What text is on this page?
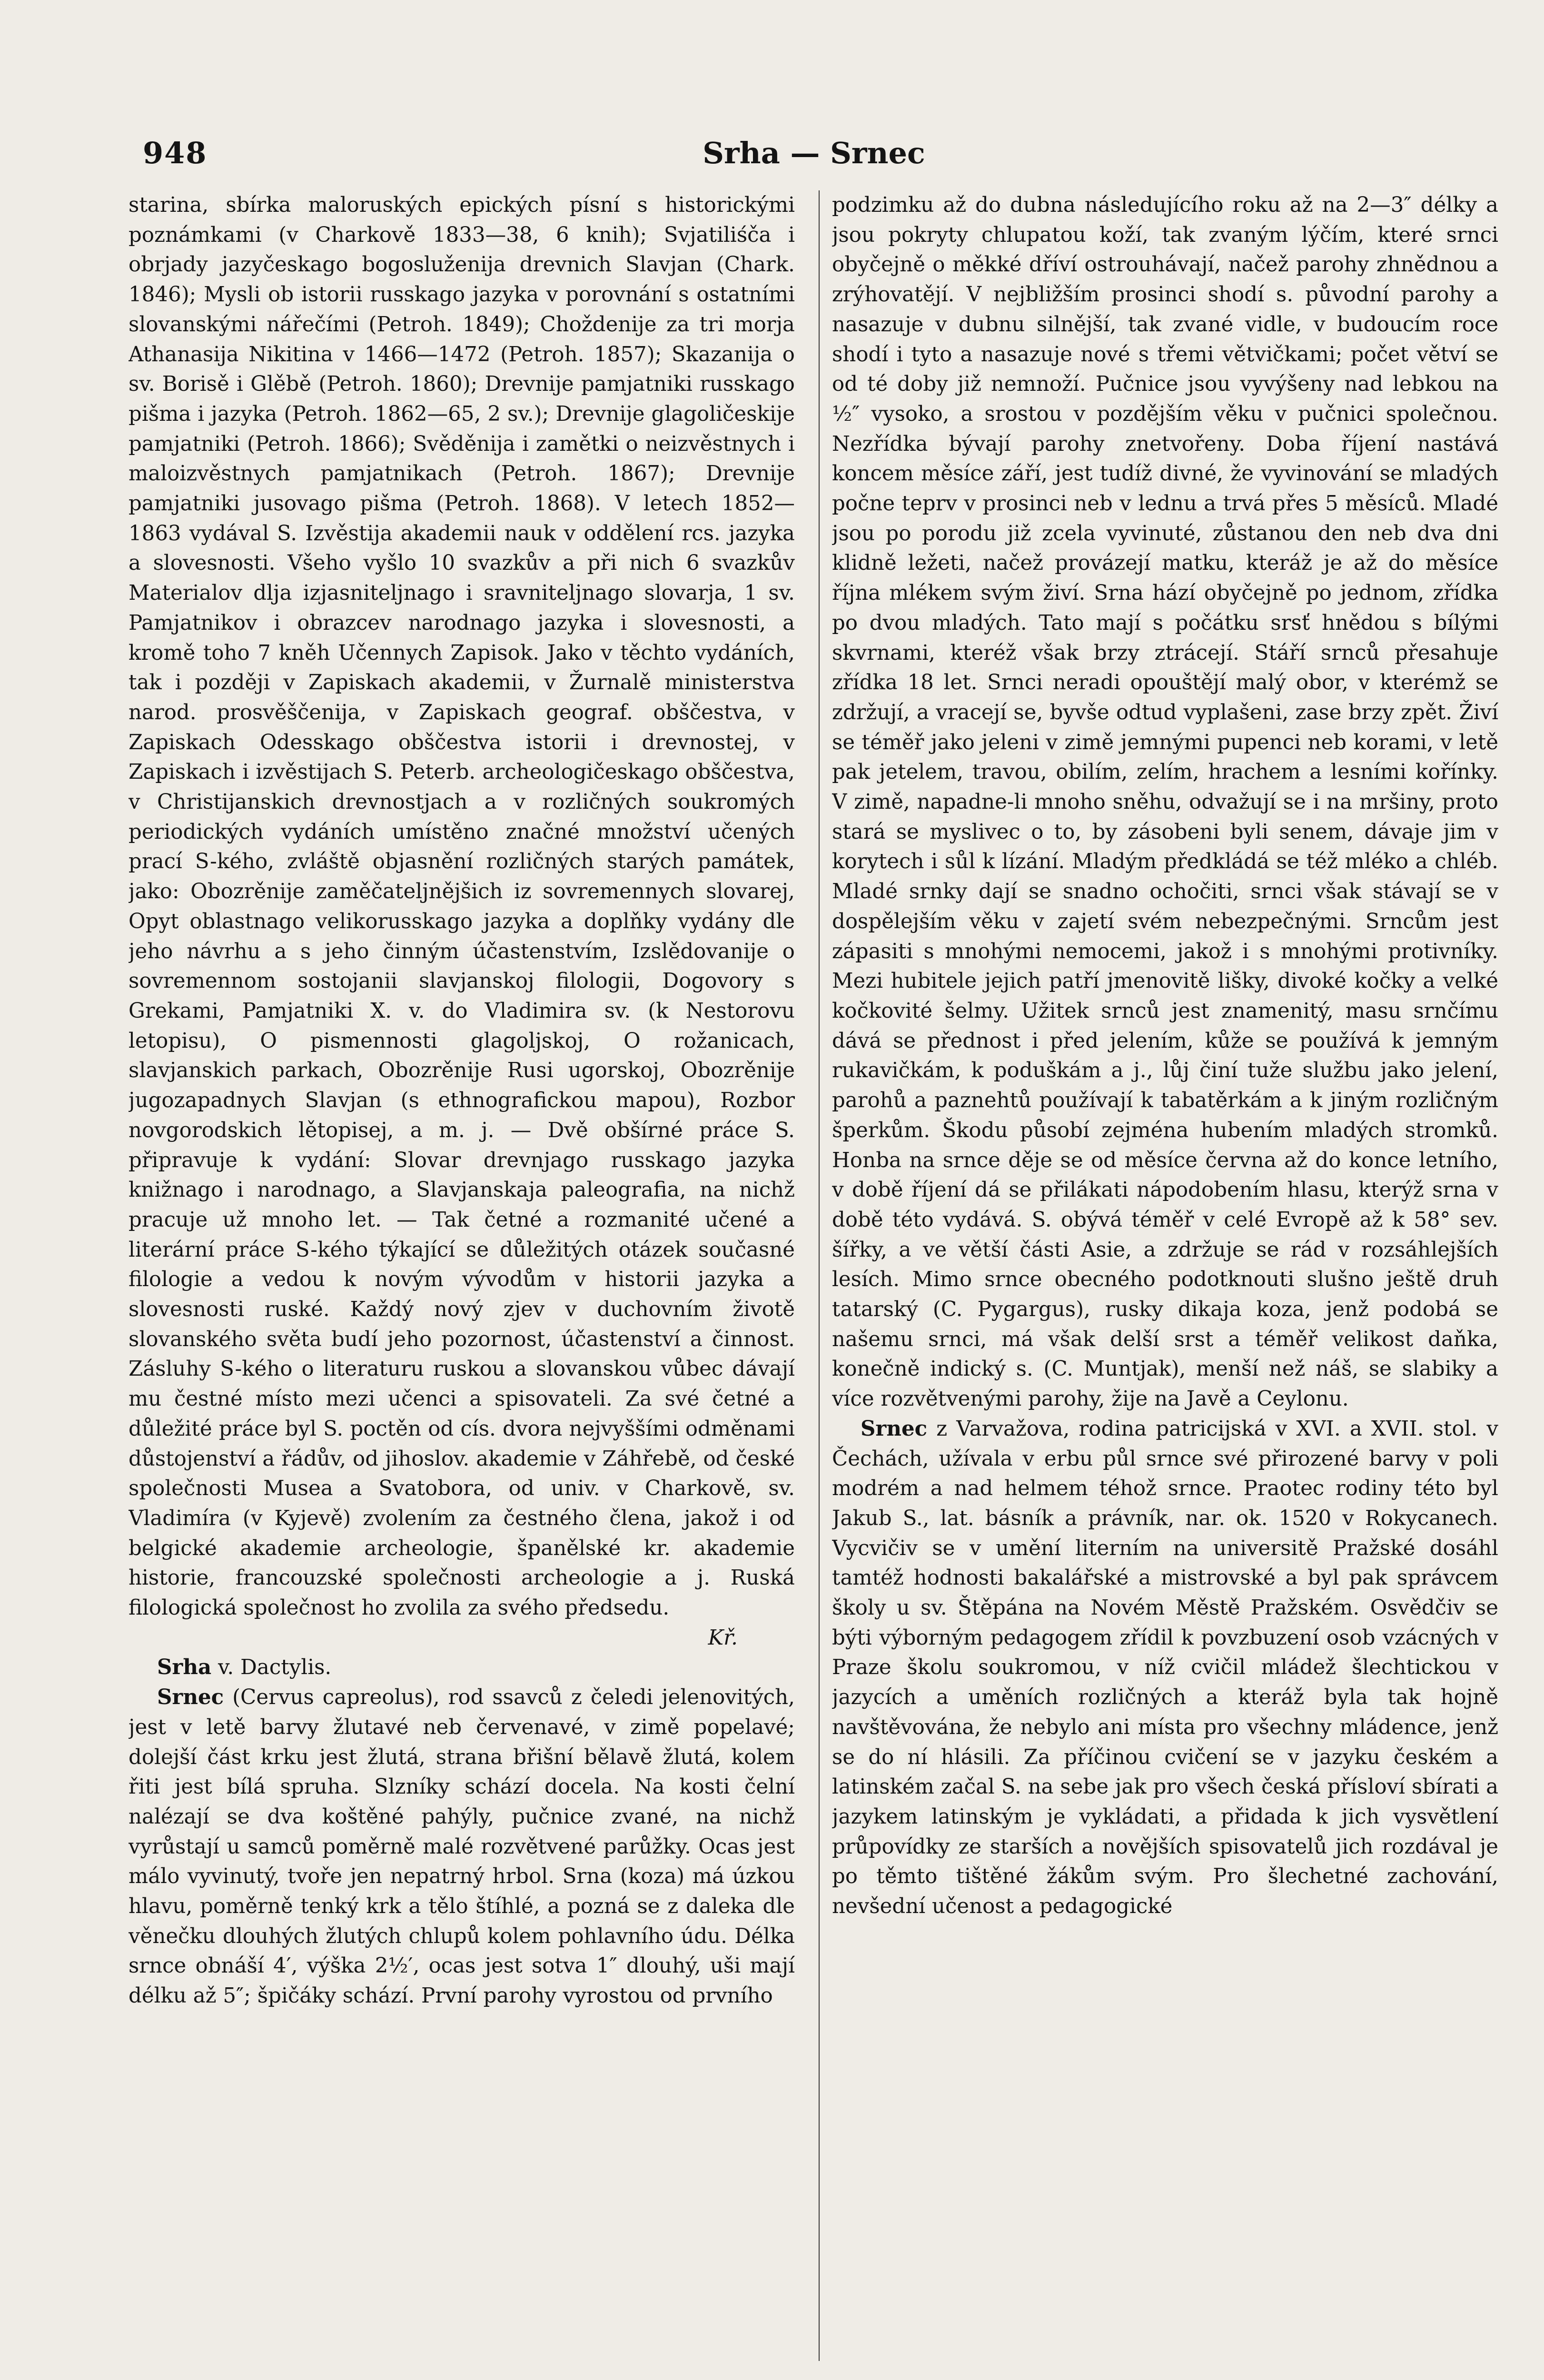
948	Srha — Srnec

starina, sbírka maloruských epických písní s historickými poznámkami (v Charkově 1833—38, 6 knih); Svjatiliśča i obrjady jazyčeskago bogosluženija drevnich Slavjan (Chark. 1846); Mysli ob istorii russkago jazyka v porovnání s ostatními slovanskými nářečími (Petroh. 1849); Choždenije za tri morja Athanasija Nikitina v 1466—1472 (Petroh. 1857); Skazanija o sv. Borisě i Glěbě (Petroh. 1860); Drevnije pamjatniki russkago pišma i jazyka (Petroh. 1862—65, 2 sv.); Drevnije glagoličeskije pamjatniki (Petroh. 1866); Svěděnija i zamětki o neizvěstnych i maloizvěstnych pamjatnikach (Petroh. 1867); Drevnije pamjatniki jusovago pišma (Petroh. 1868). V letech 1852—1863 vydával S. Izvěstija akademii nauk v oddělení rcs. jazyka a slovesnosti. Všeho vyšlo 10 svazkův a při nich 6 svazkův Materialov dlja izjasniteljnago i sravniteljnago slovarja, 1 sv. Pamjatnikov i obrazcev narodnago jazyka i slovesnosti, a kromě toho 7 kněh Učennych Zapisok. Jako v těchto vydáních, tak i později v Zapiskach akademii, v Žurnalě ministerstva narod. prosvěščenija, v Zapiskach geograf. obščestva, v Zapiskach Odesskago obščestva istorii i drevnostej, v Zapiskach i izvěstijach S. Peterb. archeologičeskago obščestva, v Christijanskich drevnostjach a v rozličných soukromých periodických vydáních umístěno značné množství učených prací S-kého, zvláště objasnění rozličných starých památek, jako: Obozrěnije zaměčateljnějšich iz sovremennych slovarej, Opyt oblastnago velikorusskago jazyka a doplňky vydány dle jeho návrhu a s jeho činným účastenstvím, Izslědovanije o sovremennom sostojanii slavjanskoj filologii, Dogovory s Grekami, Pamjatniki X. v. do Vladimira sv. (k Nestorovu letopisu), O pismennosti glagoljskoj, O rožanicach, slavjanskich parkach, Obozrěnije Rusi ugorskoj, Obozrěnije jugozapadnych Slavjan (s ethnografickou mapou), Rozbor novgorodskich lětopisej, a m. j. — Dvě obšírné práce S. připravuje k vydání: Slovar drevnjago russkago jazyka knižnago i narodnago, a Slavjanskaja paleografia, na nichž pracuje už mnoho let. — Tak četné a rozmanité učené a literární práce S-kého týkající se důležitých otázek současné filologie a vedou k novým vývodům v historii jazyka a slovesnosti ruské. Každý nový zjev v duchovním životě slovanského světa budí jeho pozornost, účastenství a činnost. Zásluhy S-kého o literaturu ruskou a slovanskou vůbec dávají mu čestné místo mezi učenci a spisovateli. Za své četné a důležité práce byl S. poctěn od cís. dvora nejvyššími odměnami důstojenství a řádův, od jihoslov. akademie v Záhřebě, od české společnosti Musea a Svatobora, od univ. v Charkově, sv. Vladimíra (v Kyjevě) zvolením za čestného člena, jakož i od belgické akademie archeologie, španělské kr. akademie historie, francouzské společnosti archeologie a j. Ruská filologická společnost ho zvolila za svého předsedu.

Kř.

Srha v. Dactylis.

Srnec (Cervus capreolus), rod ssavců z čeledi jelenovitých, jest v letě barvy žlutavé neb červenavé, v zimě popelavé; dolejší část krku jest žlutá, strana břišní bělavě žlutá, kolem řiti jest bílá spruha. Slzníky schází docela. Na kosti čelní nalézají se dva koštěné pahýly, pučnice zvané, na nichž vyrůstají u samců poměrně malé rozvětvené parůžky. Ocas jest málo vyvinutý, tvoře jen nepatrný hrbol. Srna (koza) má úzkou hlavu, poměrně tenký krk a tělo štíhlé, a pozná se z daleka dle věnečku dlouhých žlutých chlupů kolem pohlavního údu. Délka srnce obnáší 4′, výška 2½′, ocas jest sotva 1″ dlouhý, uši mají délku až 5″; špičáky schází. První parohy vyrostou od prvního

podzimku až do dubna následujícího roku až na 2—3″ délky a jsou pokryty chlupatou koží, tak zvaným lýčím, které srnci obyčejně o měkké dříví ostrouhávají, načež parohy zhnědnou a zrýhovatějí. V nejbližším prosinci shodí s. původní parohy a nasazuje v dubnu silnější, tak zvané vidle, v budoucím roce shodí i tyto a nasazuje nové s třemi větvičkami; počet větví se od té doby již nemnoží. Pučnice jsou vyvýšeny nad lebkou na ½″ vysoko, a srostou v pozdějším věku v pučnici společnou. Nezřídka bývají parohy znetvořeny. Doba říjení nastává koncem měsíce září, jest tudíž divné, že vyvinování se mladých počne teprv v prosinci neb v lednu a trvá přes 5 měsíců. Mladé jsou po porodu již zcela vyvinuté, zůstanou den neb dva dni klidně ležeti, načež provázejí matku, kteráž je až do měsíce října mlékem svým živí. Srna hází obyčejně po jednom, zřídka po dvou mladých. Tato mají s počátku srsť hnědou s bílými skvrnami, kteréž však brzy ztrácejí. Stáří srnců přesahuje zřídka 18 let. Srnci neradi opouštějí malý obor, v kterémž se zdržují, a vracejí se, byvše odtud vyplašeni, zase brzy zpět. Živí se téměř jako jeleni v zimě jemnými pupenci neb korami, v letě pak jetelem, travou, obilím, zelím, hrachem a lesními kořínky. V zimě, napadne-li mnoho sněhu, odvažují se i na mršiny, proto stará se myslivec o to, by zásobeni byli senem, dávaje jim v korytech i sůl k lízání. Mladým předkládá se též mléko a chléb. Mladé srnky dají se snadno ochočiti, srnci však stávají se v dospělejším věku v zajetí svém nebezpečnými. Srncům jest zápasiti s mnohými nemocemi, jakož i s mnohými protivníky. Mezi hubitele jejich patří jmenovitě lišky, divoké kočky a velké kočkovité šelmy. Užitek srnců jest znamenitý, masu srnčímu dává se přednost i před jelením, kůže se používá k jemným rukavičkám, k poduškám a j., lůj činí tuže službu jako jelení, parohů a paznehtů používají k tabatěrkám a k jiným rozličným šperkům. Škodu působí zejména hubením mladých stromků. Honba na srnce děje se od měsíce června až do konce letního, v době říjení dá se přilákati nápodobením hlasu, kterýž srna v době této vydává. S. obývá téměř v celé Evropě až k 58° sev. šířky, a ve větší části Asie, a zdržuje se rád v rozsáhlejších lesích. Mimo srnce obecného podotknouti slušno ještě druh tatarský (C. Pygargus), rusky dikaja koza, jenž podobá se našemu srnci, má však delší srst a téměř velikost daňka, konečně indický s. (C. Muntjak), menší než náš, se slabiky a více rozvětvenými parohy, žije na Javě a Ceylonu.

Srnec z Varvažova, rodina patricijská v XVI. a XVII. stol. v Čechách, užívala v erbu půl srnce své přirozené barvy v poli modrém a nad helmem téhož srnce. Praotec rodiny této byl Jakub S., lat. básník a právník, nar. ok. 1520 v Rokycanech. Vycvičiv se v umění literním na universitě Pražské dosáhl tamtéž hodnosti bakalářské a mistrovské a byl pak správcem školy u sv. Štěpána na Novém Městě Pražském. Osvědčiv se býti výborným pedagogem zřídil k povzbuzení osob vzácných v Praze školu soukromou, v níž cvičil mládež šlechtickou v jazycích a uměních rozličných a kteráž byla tak hojně navštěvována, že nebylo ani místa pro všechny mládence, jenž se do ní hlásili. Za příčinou cvičení se v jazyku českém a latinském začal S. na sebe jak pro všech česká přísloví sbírati a jazykem latinským je vykládati, a přidada k jich vysvětlení průpovídky ze starších a novějších spisovatelů jich rozdával je po těmto tištěné žákům svým. Pro šlechetné zachování, nevšední učenost a pedagogické
